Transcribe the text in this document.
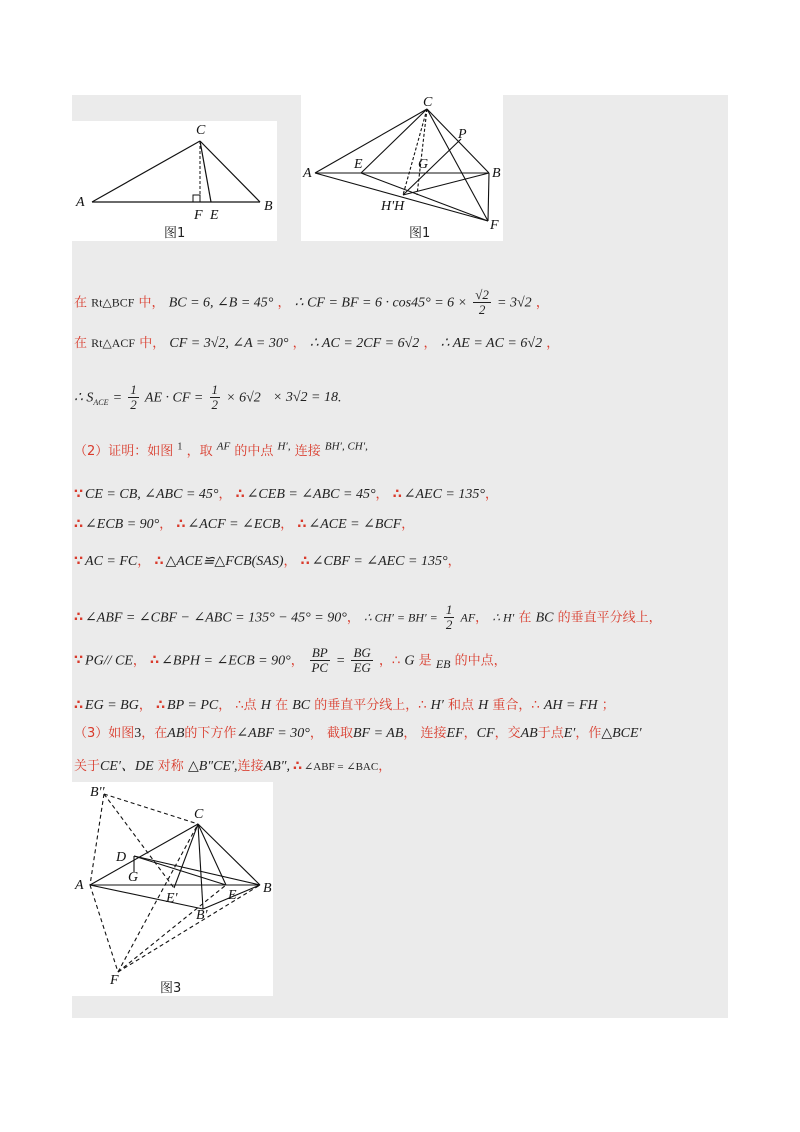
A	B
C
F E
图1
A	B
C
P
E	G
H'H
F
图1
在 Rt△BCF 中， BC = 6, ∠B = 45° ， ∴ CF = BF = $6 \cdot \cos 45^\circ = 6 \times \frac{√2}{2} = 3√2$ ，
在 Rt△ACF 中， CF = 3√2, ∠A = 30° ， ∴ AC = 2CF = 6√2 ， ∴ AE = AC = 6√2 ，
∴ $S_{ACE} = \frac{1}{2}$ AE · CF = $\frac{1}{2} \times 6√2 \times 3√2 = 18$.
（2）证明：如图 $^1$ ，取 $^{AF}$ 的中点 $^{H',}$ 连接 $^{BH', CH',}$
∵ CE = CB, ∠ABC = 45°， ∴ ∠CEB = ∠ABC = 45°， ∴ ∠AEC = 135°，
∴ ∠ECB = 90°， ∴ ∠ACF = ∠ECB， ∴ ∠ACE = ∠BCF，
∵ AC = FC， ∴ △ACE≌△FCB(SAS)， ∴ ∠CBF = ∠AEC = 135°，
∴ ∠ABF = ∠CBF − ∠ABC = 135° − 45° = 90°， ∴ $CH' = BH' = \frac{1}{2}$ AF， ∴ H′ 在 BC 的垂直平分线上，
∵ PG// CE， ∴ ∠BPH = ∠ECB = 90°， $\frac{BP}{PC} = \frac{BG}{EG}$ ，∴ G 是 $_{EB}$ 的中点，
∴ EG = BG， ∴ BP = PC， ∴点 H 在 BC 的垂直平分线上，∴ H′ 和点 H 重合，∴ AH = FH ；
（3）如图3，在AB的下方作∠ABF = 30°， 截取BF = AB， 连接EF，CF，交AB于点E′，作△BCE′
关于CE′、DE 对称 △B″CE′,连接AB″, ∴ ∠ABF = ∠BAC，
B''
C
D
G
A
E'	E B
B'
F
图3
